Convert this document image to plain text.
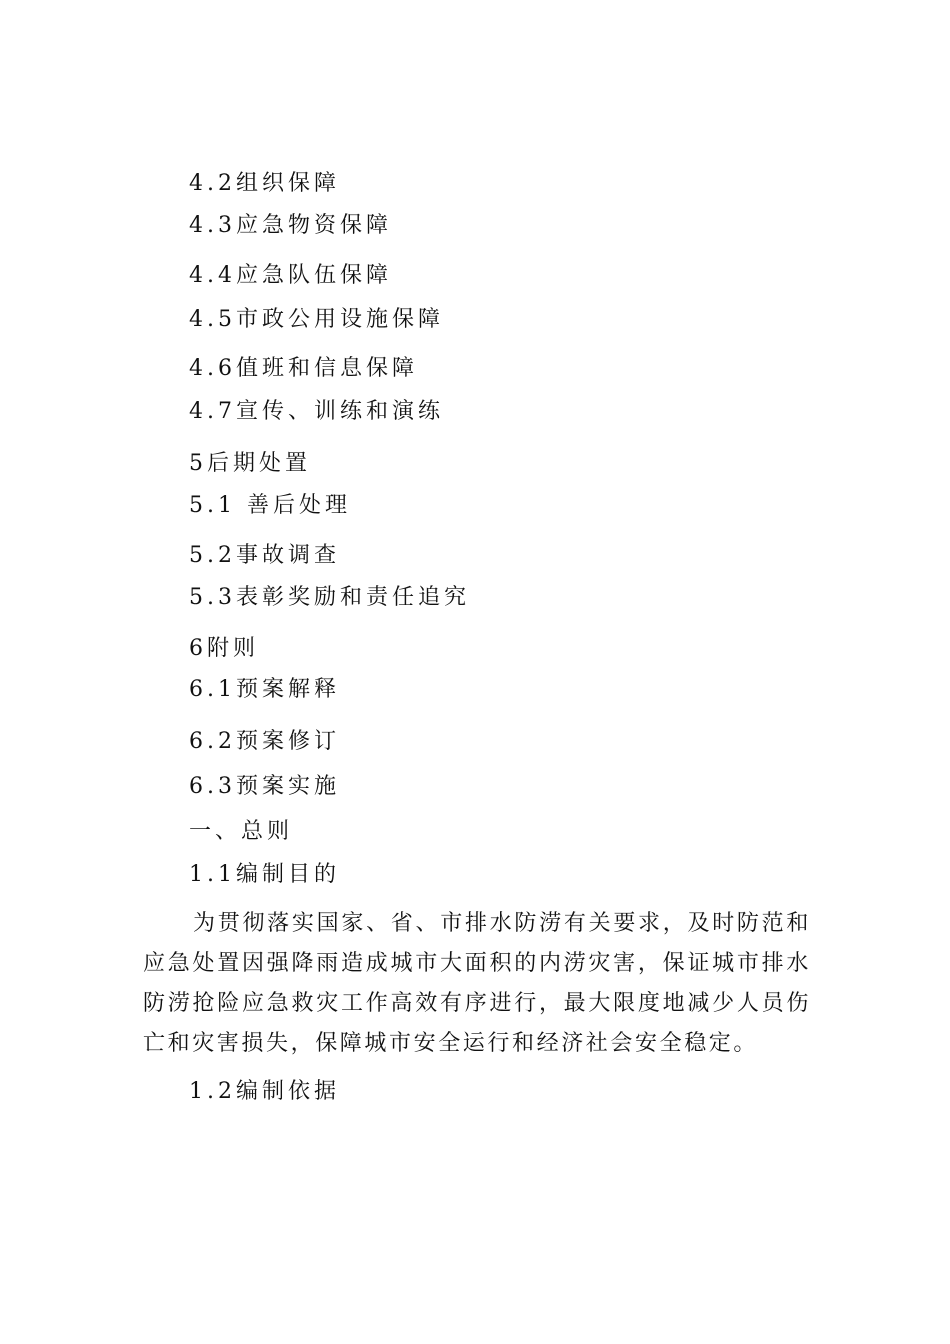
4.2组织保障
4.3应急物资保障
4.4应急队伍保障
4.5市政公用设施保障
4.6值班和信息保障
4.7宣传、训练和演练
5后期处置
5.1 善后处理
5.2事故调查
5.3表彰奖励和责任追究
6附则
6.1预案解释
6.2预案修订
6.3预案实施
一、总则
1.1编制目的
为贯彻落实国家、省、市排水防涝有关要求，及时防范和应急处置因强降雨造成城市大面积的内涝灾害，保证城市排水防涝抢险应急救灾工作高效有序进行，最大限度地减少人员伤亡和灾害损失，保障城市安全运行和经济社会安全稳定。
1.2编制依据
